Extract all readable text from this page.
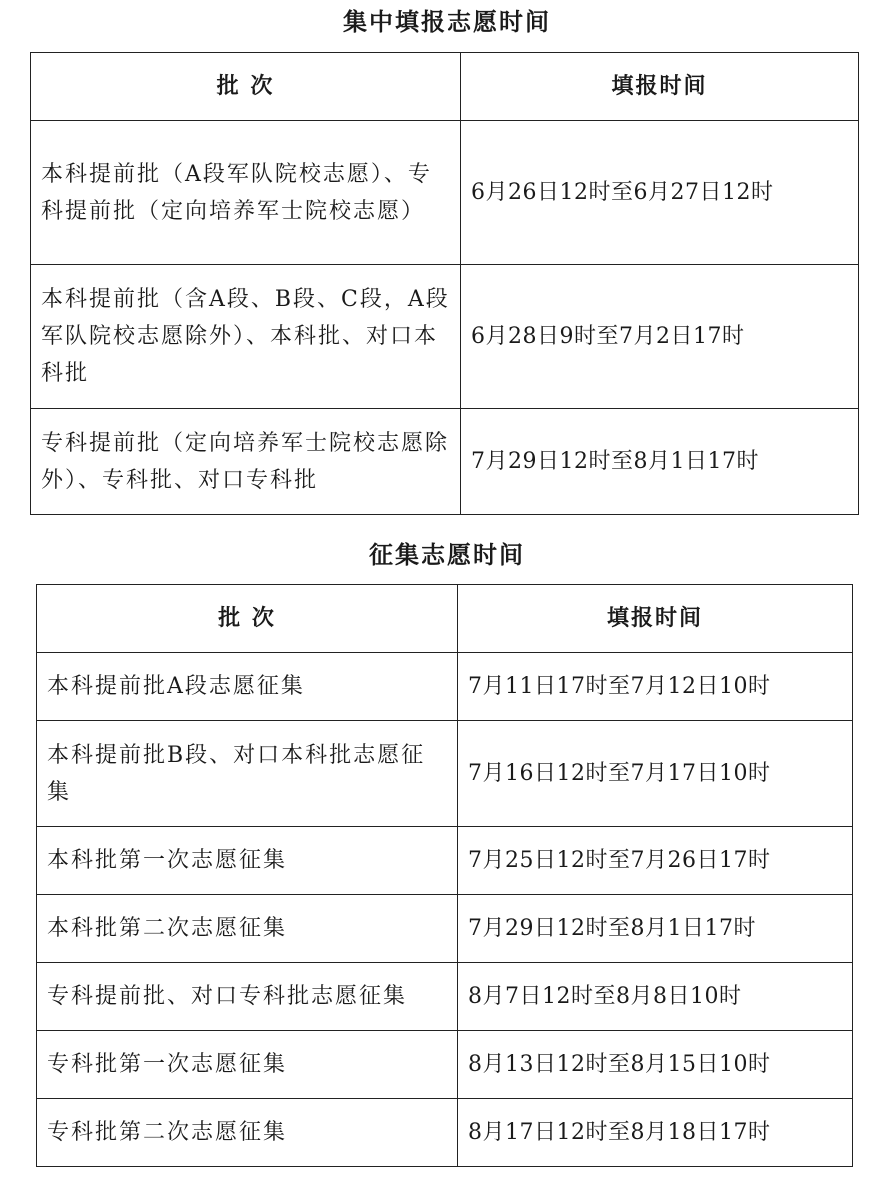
集中填报志愿时间
批 次	填报时间
本科提前批（A段军队院校志愿）、专科提前批（定向培养军士院校志愿）	6月26日12时至6月27日12时
本科提前批（含A段、B段、C段，A段军队院校志愿除外）、本科批、对口本科批	6月28日9时至7月2日17时
专科提前批（定向培养军士院校志愿除外）、专科批、对口专科批	7月29日12时至8月1日17时
征集志愿时间
批 次	填报时间
本科提前批A段志愿征集	7月11日17时至7月12日10时
本科提前批B段、对口本科批志愿征集	7月16日12时至7月17日10时
本科批第一次志愿征集	7月25日12时至7月26日17时
本科批第二次志愿征集	7月29日12时至8月1日17时
专科提前批、对口专科批志愿征集	8月7日12时至8月8日10时
专科批第一次志愿征集	8月13日12时至8月15日10时
专科批第二次志愿征集	8月17日12时至8月18日17时
